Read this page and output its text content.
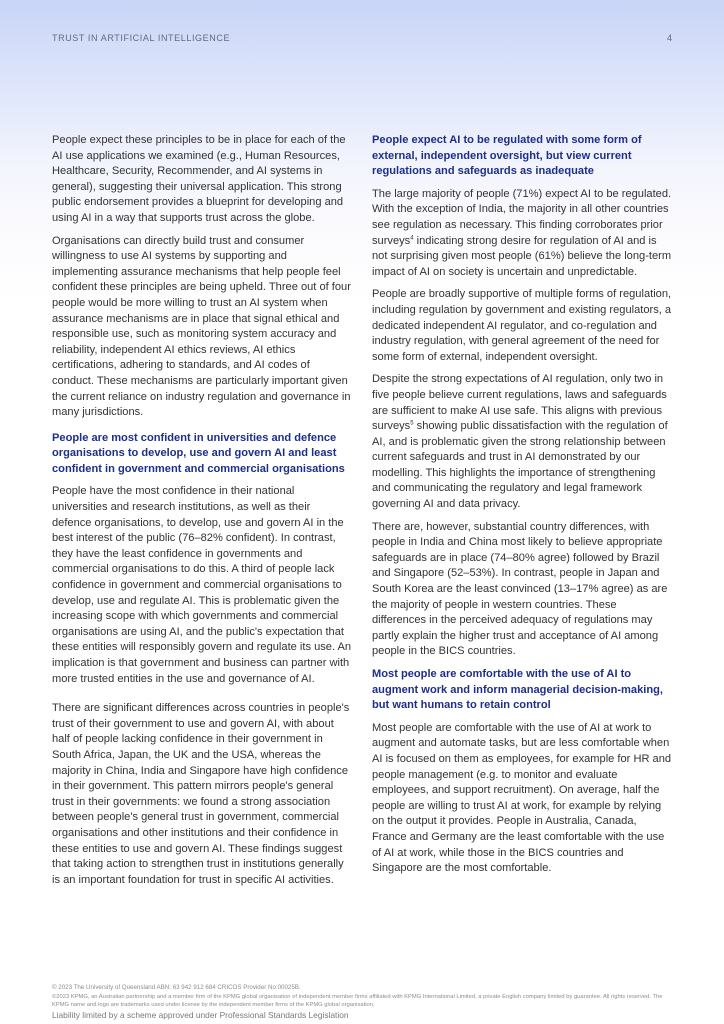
TRUST IN ARTIFICIAL INTELLIGENCE	4

People expect these principles to be in place for each of the AI use applications we examined (e.g., Human Resources, Healthcare, Security, Recommender, and AI systems in general), suggesting their universal application. This strong public endorsement provides a blueprint for developing and using AI in a way that supports trust across the globe.

Organisations can directly build trust and consumer willingness to use AI systems by supporting and implementing assurance mechanisms that help people feel confident these principles are being upheld. Three out of four people would be more willing to trust an AI system when assurance mechanisms are in place that signal ethical and responsible use, such as monitoring system accuracy and reliability, independent AI ethics reviews, AI ethics certifications, adhering to standards, and AI codes of conduct. These mechanisms are particularly important given the current reliance on industry regulation and governance in many jurisdictions.

People are most confident in universities and defence organisations to develop, use and govern AI and least confident in government and commercial organisations

People have the most confidence in their national universities and research institutions, as well as their defence organisations, to develop, use and govern AI in the best interest of the public (76–82% confident). In contrast, they have the least confidence in governments and commercial organisations to do this. A third of people lack confidence in government and commercial organisations to develop, use and regulate AI. This is problematic given the increasing scope with which governments and commercial organisations are using AI, and the public's expectation that these entities will responsibly govern and regulate its use. An implication is that government and business can partner with more trusted entities in the use and governance of AI.

There are significant differences across countries in people's trust of their government to use and govern AI, with about half of people lacking confidence in their government in South Africa, Japan, the UK and the USA, whereas the majority in China, India and Singapore have high confidence in their government. This pattern mirrors people's general trust in their governments: we found a strong association between people's general trust in government, commercial organisations and other institutions and their confidence in these entities to use and govern AI. These findings suggest that taking action to strengthen trust in institutions generally is an important foundation for trust in specific AI activities.

People expect AI to be regulated with some form of external, independent oversight, but view current regulations and safeguards as inadequate

The large majority of people (71%) expect AI to be regulated. With the exception of India, the majority in all other countries see regulation as necessary. This finding corroborates prior surveys$^4$ indicating strong desire for regulation of AI and is not surprising given most people (61%) believe the long-term impact of AI on society is uncertain and unpredictable.

People are broadly supportive of multiple forms of regulation, including regulation by government and existing regulators, a dedicated independent AI regulator, and co-regulation and industry regulation, with general agreement of the need for some form of external, independent oversight.

Despite the strong expectations of AI regulation, only two in five people believe current regulations, laws and safeguards are sufficient to make AI use safe. This aligns with previous surveys$^5$ showing public dissatisfaction with the regulation of AI, and is problematic given the strong relationship between current safeguards and trust in AI demonstrated by our modelling. This highlights the importance of strengthening and communicating the regulatory and legal framework governing AI and data privacy.

There are, however, substantial country differences, with people in India and China most likely to believe appropriate safeguards are in place (74–80% agree) followed by Brazil and Singapore (52–53%). In contrast, people in Japan and South Korea are the least convinced (13–17% agree) as are the majority of people in western countries. These differences in the perceived adequacy of regulations may partly explain the higher trust and acceptance of AI among people in the BICS countries.

Most people are comfortable with the use of AI to augment work and inform managerial decision-making, but want humans to retain control

Most people are comfortable with the use of AI at work to augment and automate tasks, but are less comfortable when AI is focused on them as employees, for example for HR and people management (e.g. to monitor and evaluate employees, and support recruitment). On average, half the people are willing to trust AI at work, for example by relying on the output it provides. People in Australia, Canada, France and Germany are the least comfortable with the use of AI at work, while those in the BICS countries and Singapore are the most comfortable.

© 2023 The University of Queensland ABN: 63 942 912 684 CRICOS Provider No:00025B.
©2023 KPMG, an Australian partnership and a member firm of the KPMG global organisation of independent member firms affiliated with KPMG International Limited, a private English company limited by guarantee. All rights reserved. The KPMG name and logo are trademarks used under license by the independent member firms of the KPMG global organisation.
Liability limited by a scheme approved under Professional Standards Legislation
